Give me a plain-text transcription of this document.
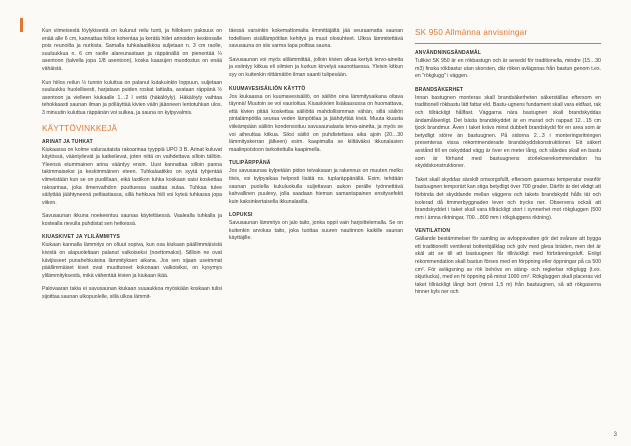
Kun viimeisestä löylykisestä on kulunut reilu tunti, ja hiiloksen paksuus on enää alle 6 cm, kannattaa hiilos kohentaa ja kerätä hiilet arinoiden keskiosalle pois reunoilta ja nurkista. Samalla tuhkalaatikkoa suljetaan n. 3 cm raolle, suuluukkua n. 6 cm raolle alareunastaan ja räppänällä on pienentää ¼ asentoon (talvella jopa 1/8 asentoon), koska kaasujen muodostus on enää vähäistä.

Kun hiilos reilun ½ tunnin kuluttua on palanut kutakuinkin loppuun, suljetaan suuluukku huolellisesti, harjataan puiden roskat lattialta, avataan räppänä ½ asentoon ja vielleen kiukaalle 1…2 l vettä (häkälöyly). Häkälöyly vaihtaa tehokkaasti saunan ilman ja pölläyttää kivien välin jäänneen lentotuhkan ulos. 3 minuutin kuluttua räppänän voi sulkea, ja sauna on kylpyvalmis.

KÄYTTÖVINKKEJÄ
ARINAT JA TUHKAT

Kiukaassa on kolme valurautaista rakoarinaa tyyppiä UPO 3 B. Arinat kuluvat käytössä, vääntyilevät ja katkeilevat, joten niitä on vaihdettava silloin tällöin. Yleensä etummainen arina vääntyy ensin. Uusi kannattaa silloin panna takimmaiseksi ja keskimmäinen eteen. Tuhkalaatikko on syytä tyhjentää viimeistään kun se on puolillaan, eikä lastikon tuhka koskaan saisi koskettaa rakoarinaa, joka ilmenvaihdon puuttuessa saattaa sulaa. Tuhkaa tulee säilyttää jäähtyneenä peltiastiassa, sillä hehkuva hiili voi kyteä tuhkassa jopa viikon.

Savusaunan ikkuna noekeentuu saunaa käytettäessä. Vaalealla tuhkalla ja kostealla rievulla puhdistat sen hetkessä.

KIUASKIVET JA YLILÄMMITYS

Kiukaan kannalla lämmitys on olluut sopiva, kun osa kiukaan päällimmäisistä kivistä on alapuoleltaan palanut valkoiseksi (noettomaksi). Sillloin ne ovat kävijisseet punahehkuisina lämmityksen aikana. Jos sen sijaan useimmat päällimmäiset kivet ovat muuttuneet kokonaan valkoisiksi, on kysymys ylilämmityksestä, mikä vähentää kivien ja kiukaan ikää.

Palovaaran takia ei savusaunan kiukaan suuaukkoa myöskään koskaan tulisi sijoittaa saunan ulkopuolelle, sillä ulkoa lämmit-

täessä varsinkin kokemattomalta ilmmittäjältä jää seuraamatta saunan todellisen sisällämpötilan kehitys ja muut olosuhteet. Ulkoa lämmitettävä savusauna on siis varma tapa polttaa sauna.

Savusaunan voi myös alilämmittää, jolloin kivien alkaa kertyä tervo-aineita ja esiintyy kitkua eli silmien ja kurkun kirvelyä saunottaessa. Yleisin kitkun syy on kuitenkin riittämätön ilman saanti tulipesään.

KUUMAVESISÄILIÖN KÄYTTÖ

Jos kiukaassa on kuumavesisäiliö, on säiliön oina lämmitysaikana oltava täynnä! Muutoin se voi vaurioitua. Kiuaskivien lisäkaasussa on huomattava, että kivien pitää koskettaa säiliöitä mahdollisimman vähän, sillä säiliön pintalämpötila seuraa veden lämpötilaa ja jäähdyttää kiviä. Muuta kiuasta viileämpään säiliön kondensoituu savusaunalasta terva-ainetta, ja myös se voi aiheuttaa kitkua. Siksi säiliö on puhdistettava aika ajoin (20…30 lämmityskerran jälkeen) esim. kaapimalla se kiiltäväksi ikkunalasien maalinpoistoon tarkoitettulla kaapimella.

TULIPÄRPPÄNÄ

Jos savusaunaa kylpetään pidon teivaksaan ja rakennus on muuten melko tiivis, voi kylpyaikaa helposti lisätä ns. tuplaräppänällä. Esim. tehdään saunan puolella kukuluokulla suljettavan aukon perälle työnnettävä kahvallinen puulevy, jolla saadaan hieman samantapainen ensitysefekti kuin kaksinkertaisella ikkunalasilla.

LOPUKSI

Savusaunan lämmitys on jalo taito, jonka oppii vain harjoittelemalla. Se on kuitenkin arvokas taito, joka tuottaa suuren nautinnon kaikille saunan käyttäjille.

SK 950 Allmänna anvisningar
ANVÄNDNINGSÄNDAMÅL

Tulikivi SK 950 är en rökbastugn och är avsedd för traditionella, mindre (15…30 m3) finska rökbastur utan skorsten, där röken avlägsnas från bastun genom t.ex. en "rökglugg" i väggen.

BRANDSÄKERHET

Innan bastugnen monteras skall brandsäkerheten säkerställas eftersom en traditionell rökbastu lätt fattar eld. Bastu-ugnens fundament skall vara eldfast, rak och tillräckligt hållfast. Väggarna nära bastugnen skall brandskyddas ändamålsenligt. Det bästa brandskyddet är en murad och rappad 12…15 cm tjock brandmur. Även i taket krävs minst dubbelt brandskydd för en area som är betydligt större än bastuugnen. På sidorna 2…3 i monteringsritningen presenteras vissa rekommenderade brandskyddskonstruktioner. Ett säkert avstånd till en oskyddad vägg är över en meter lång, och således skall en bastu som är förhand med bastuugnens storlekserekommendation ha skyddskonstruktioner.

Taket skall skyddas särskilt omsorgsfullt, eftersom gasernas temperatur ovanför bastuugnen temporärt kan stiga betydligt över 700 grader. Därför är det viktigt att förbinda det skyddande mellan väggens och takets brandskydd hålls tät och isolerad då timmerbyggnaden lever och trycks ner. Observera också att brandskyddet i taket skall vara tillräckligt stort i synnerhet mot rökgluggen (500 mm i ämna riktningar, 700…800 mm i rökgluggens riktning).

VENTILATION

Gällande bestämmelser för samling av avloppsvatten gör det svårare att bygga ett traditionellt ventilerat bottenbjälklag och golv med glesa bräden, men det är skäl att se till att bastuugnen får tillräckligt med förbränningsluft. Enligt rekommendation skall bastun förses med en förppning eller öppningar på ca 500 cm². För avlägsning av rök behövs en stäng- och reglerbar rökglugg (t.ex. skjutlucka), med en fri öppning på minst 1000 cm². Rökgluggen skall placeras vid taket tillräckligt långt bort (minst 1,5 m) från bastuugnen, så att rökgaserna hinner kyls ner och

3
